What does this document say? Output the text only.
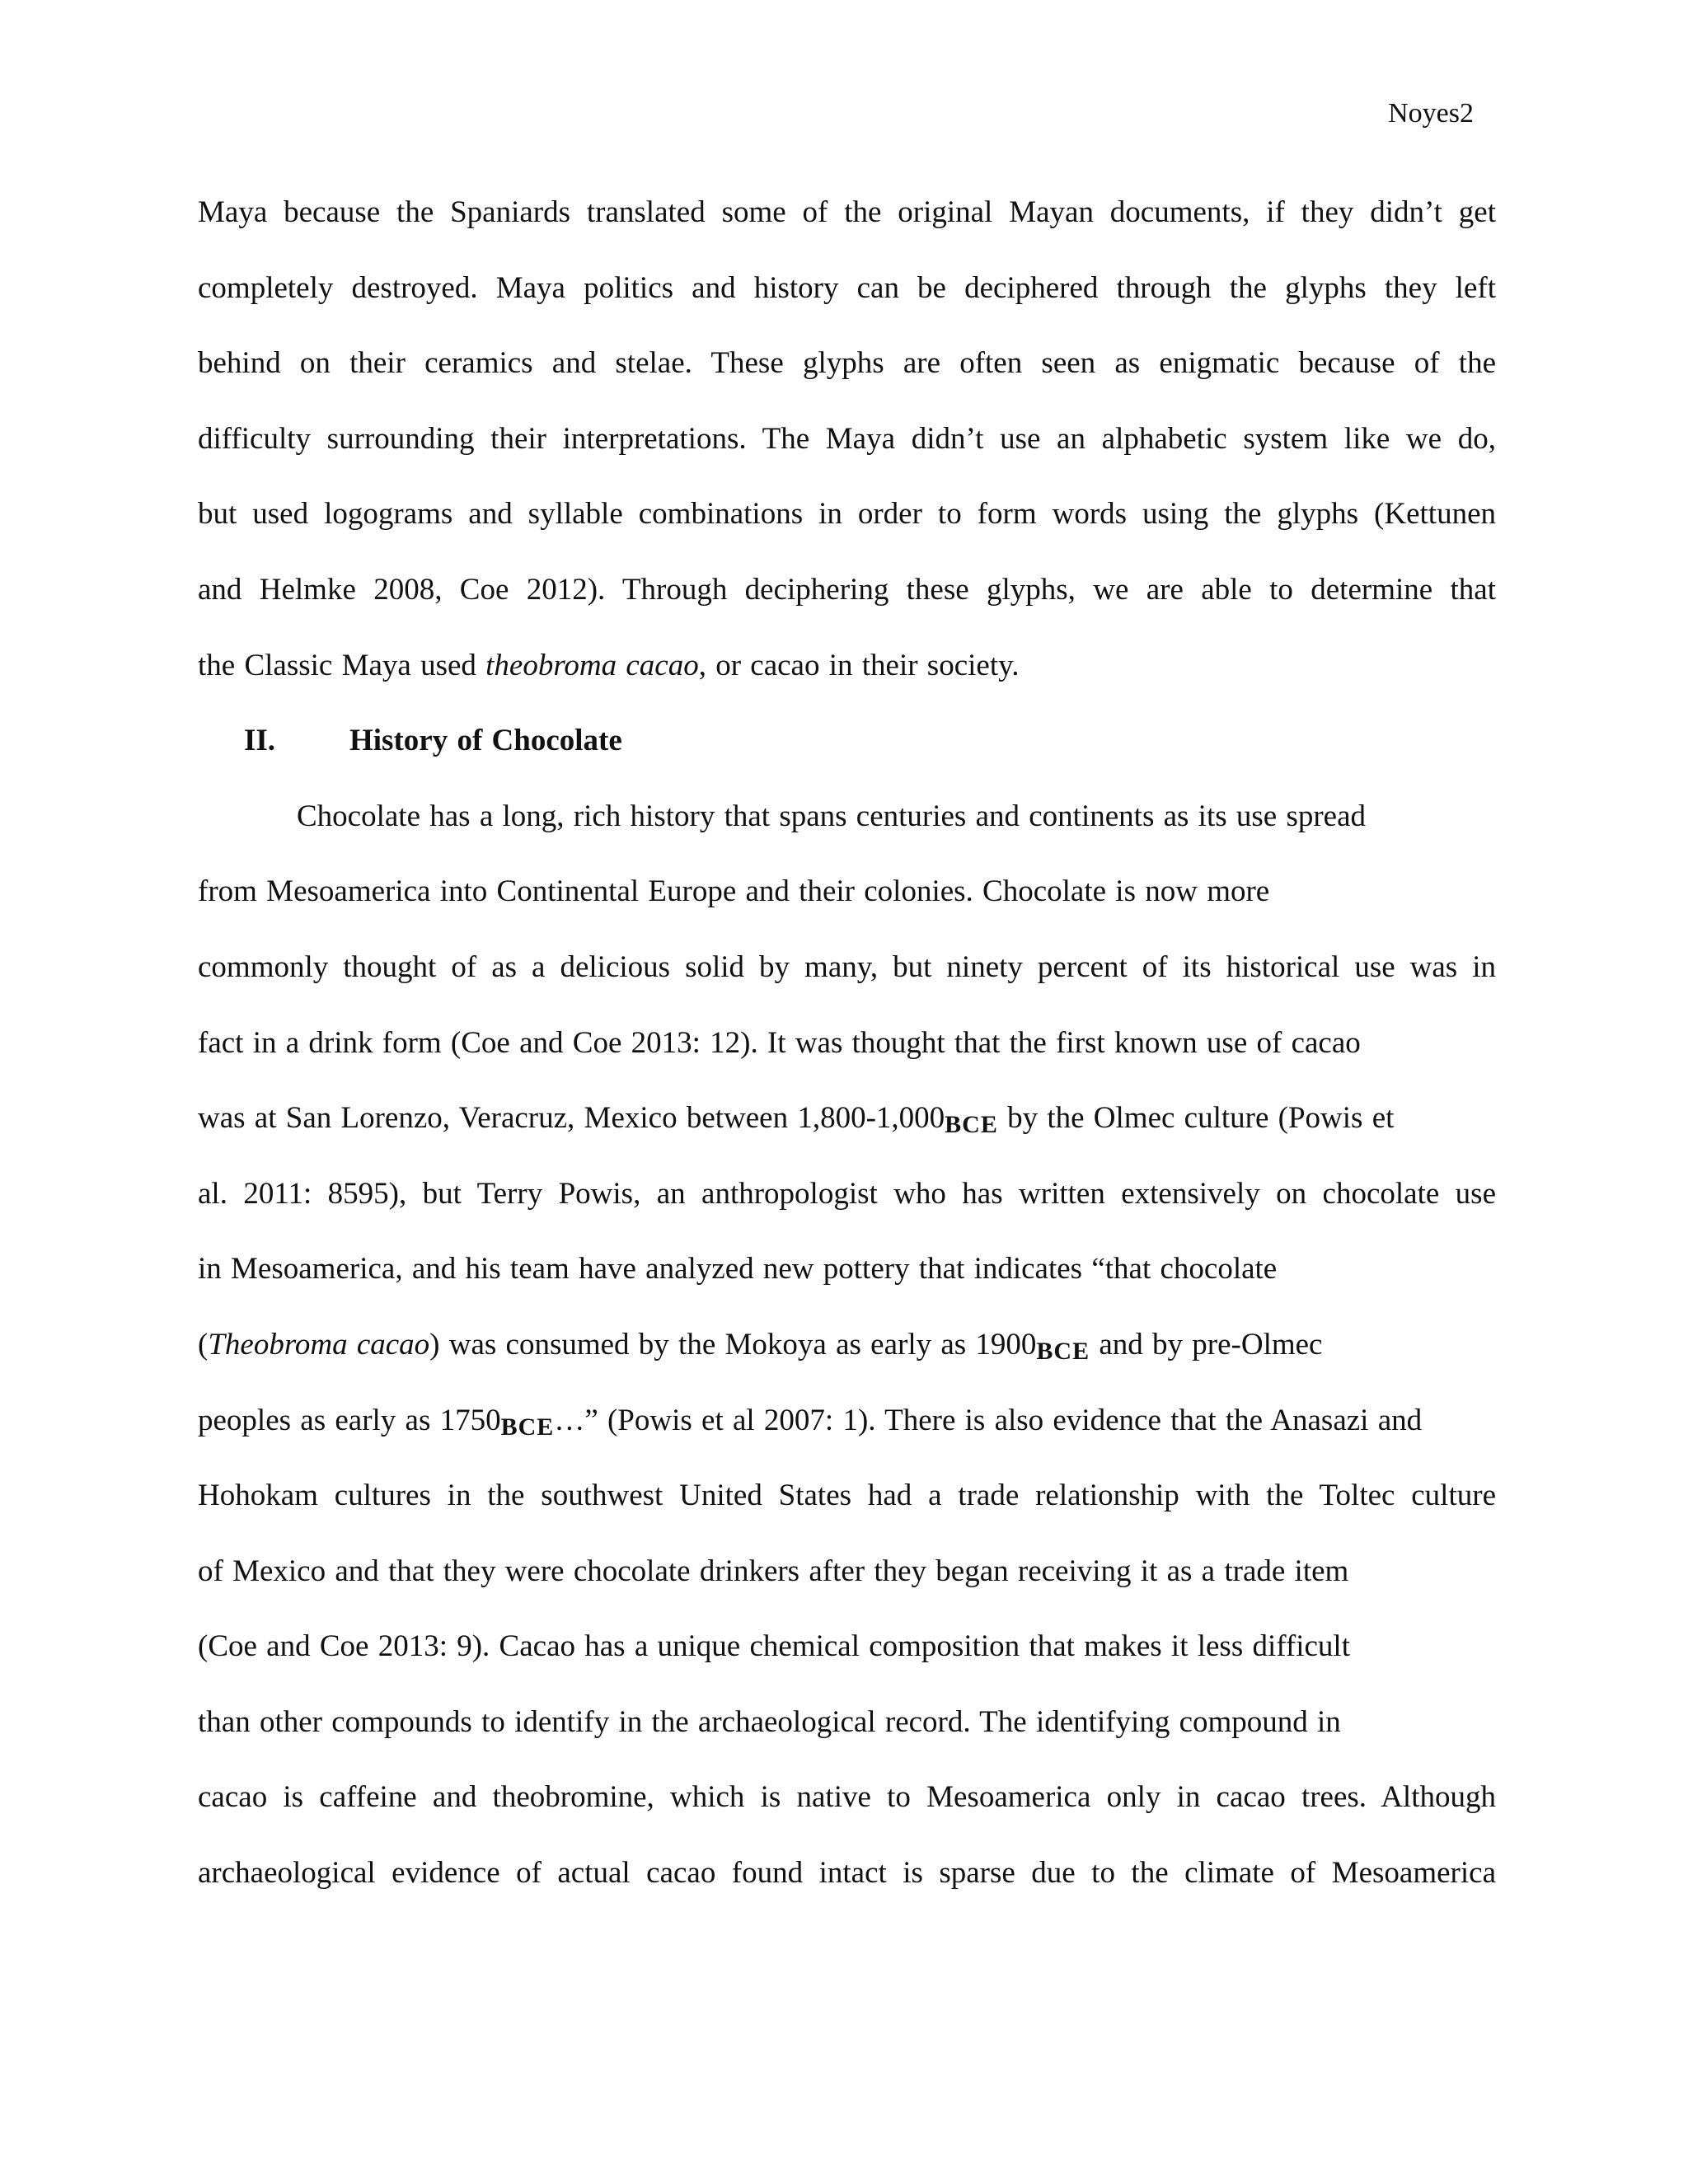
Noyes2
Maya because the Spaniards translated some of the original Mayan documents, if they didn’t get
completely destroyed. Maya politics and history can be deciphered through the glyphs they left
behind on their ceramics and stelae. These glyphs are often seen as enigmatic because of the
difficulty surrounding their interpretations. The Maya didn’t use an alphabetic system like we do,
but used logograms and syllable combinations in order to form words using the glyphs (Kettunen
and Helmke 2008, Coe 2012). Through deciphering these glyphs, we are able to determine that
the Classic Maya used theobroma cacao, or cacao in their society.
II. History of Chocolate
Chocolate has a long, rich history that spans centuries and continents as its use spread
from Mesoamerica into Continental Europe and their colonies. Chocolate is now more
commonly thought of as a delicious solid by many, but ninety percent of its historical use was in
fact in a drink form (Coe and Coe 2013: 12). It was thought that the first known use of cacao
was at San Lorenzo, Veracruz, Mexico between 1,800-1,000BCE by the Olmec culture (Powis et
al. 2011: 8595), but Terry Powis, an anthropologist who has written extensively on chocolate use
in Mesoamerica, and his team have analyzed new pottery that indicates “that chocolate
(Theobroma cacao) was consumed by the Mokoya as early as 1900BCE and by pre-Olmec
peoples as early as 1750BCE…” (Powis et al 2007: 1). There is also evidence that the Anasazi and
Hohokam cultures in the southwest United States had a trade relationship with the Toltec culture
of Mexico and that they were chocolate drinkers after they began receiving it as a trade item
(Coe and Coe 2013: 9). Cacao has a unique chemical composition that makes it less difficult
than other compounds to identify in the archaeological record. The identifying compound in
cacao is caffeine and theobromine, which is native to Mesoamerica only in cacao trees. Although
archaeological evidence of actual cacao found intact is sparse due to the climate of Mesoamerica
